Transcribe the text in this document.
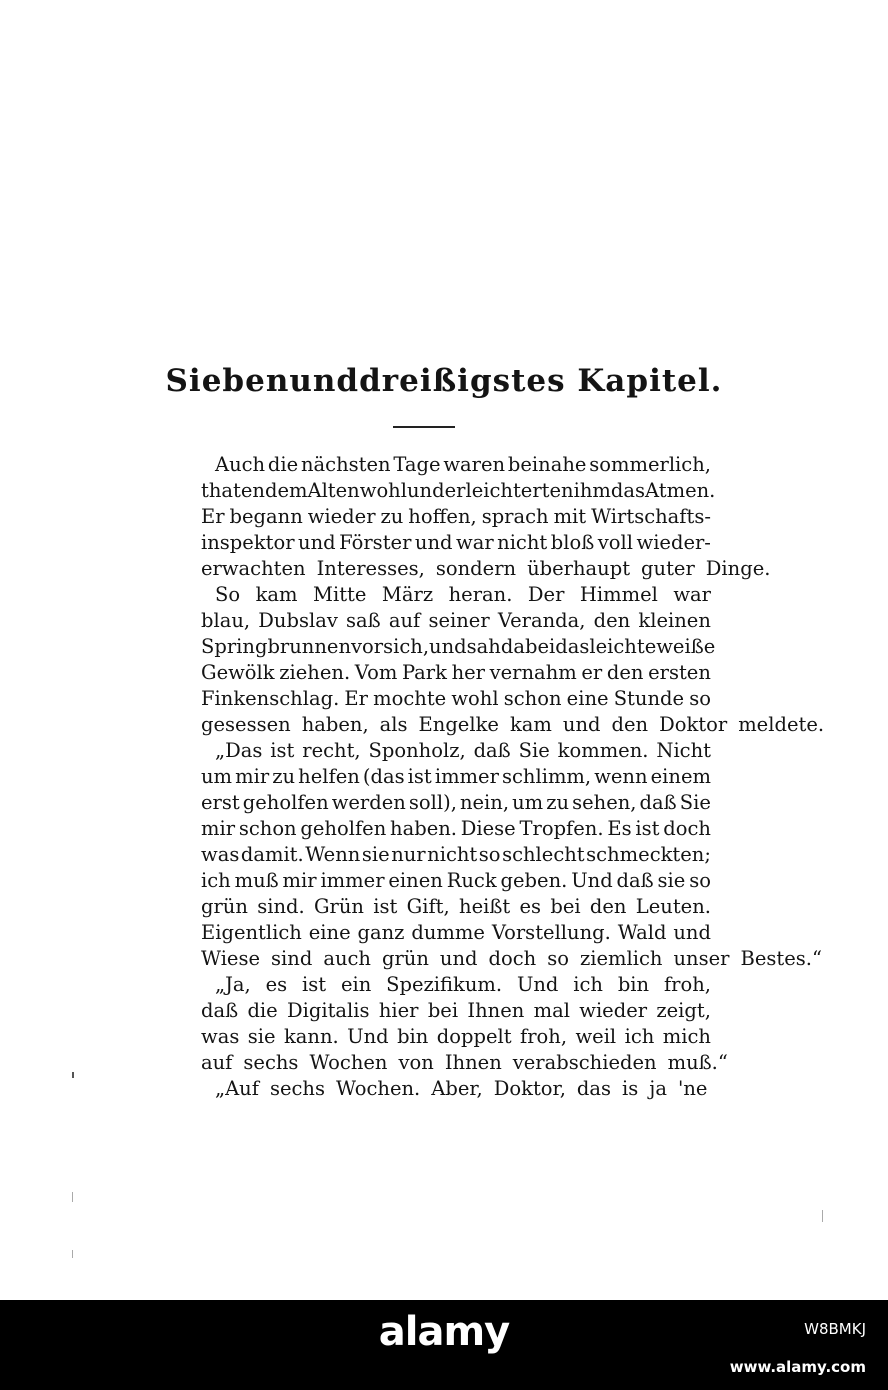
Siebenunddreißigstes Kapitel.
Auch die nächsten Tage waren beinahe sommerlich,
thaten dem Alten wohl und erleichterten ihm das Atmen.
Er begann wieder zu hoffen, sprach mit Wirtschafts-
inspektor und Förster und war nicht bloß voll wieder-
erwachten Interesses, sondern überhaupt guter Dinge.
So kam Mitte März heran. Der Himmel war
blau, Dubslav saß auf seiner Veranda, den kleinen
Springbrunnen vor sich, und sah dabei das leichte weiße
Gewölk ziehen. Vom Park her vernahm er den ersten
Finkenschlag. Er mochte wohl schon eine Stunde so
gesessen haben, als Engelke kam und den Doktor meldete.
„Das ist recht, Sponholz, daß Sie kommen. Nicht
um mir zu helfen (das ist immer schlimm, wenn einem
erst geholfen werden soll), nein, um zu sehen, daß Sie
mir schon geholfen haben. Diese Tropfen. Es ist doch
was damit. Wenn sie nur nicht so schlecht schmeckten;
ich muß mir immer einen Ruck geben. Und daß sie so
grün sind. Grün ist Gift, heißt es bei den Leuten.
Eigentlich eine ganz dumme Vorstellung. Wald und
Wiese sind auch grün und doch so ziemlich unser Bestes.“
„Ja, es ist ein Spezifikum. Und ich bin froh,
daß die Digitalis hier bei Ihnen mal wieder zeigt,
was sie kann. Und bin doppelt froh, weil ich mich
auf sechs Wochen von Ihnen verabschieden muß.“
„Auf sechs Wochen. Aber, Doktor, das is ja 'ne
alamy	W8BMKJ
www.alamy.com
